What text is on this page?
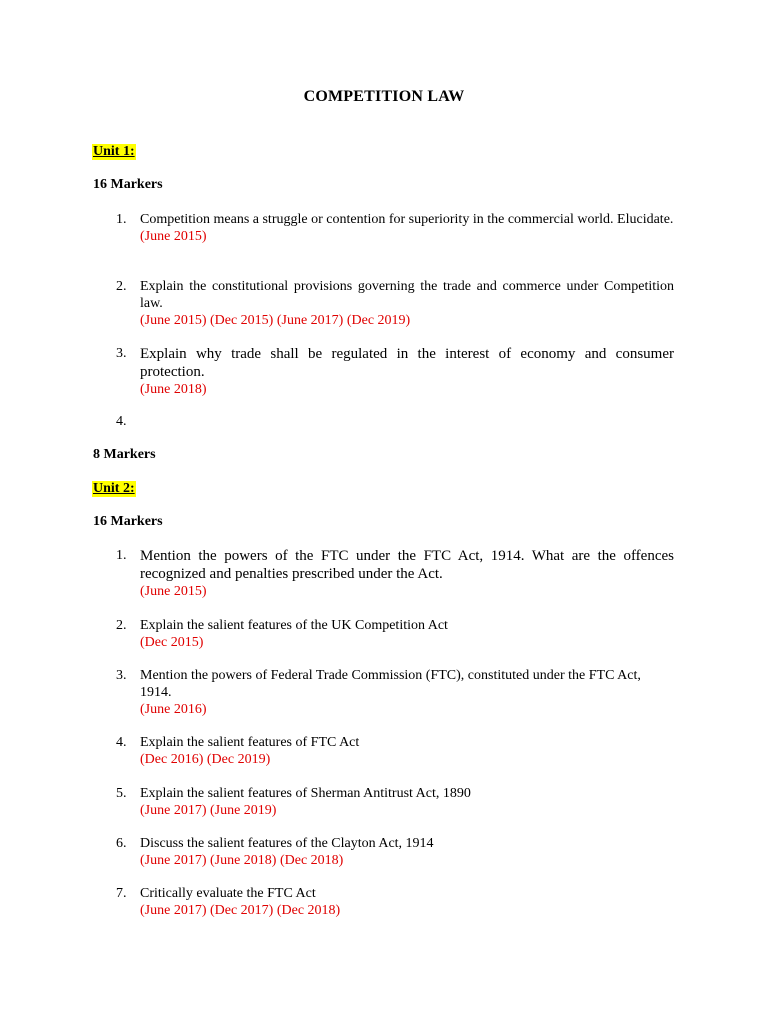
COMPETITION LAW
Unit 1:
16 Markers
1. Competition means a struggle or contention for superiority in the commercial world. Elucidate.
(June 2015)
2. Explain the constitutional provisions governing the trade and commerce under Competition law.
(June 2015) (Dec 2015) (June 2017) (Dec 2019)
3. Explain why trade shall be regulated in the interest of economy and consumer protection.
(June 2018)
4.
8 Markers
Unit 2:
16 Markers
1. Mention the powers of the FTC under the FTC Act, 1914. What are the offences recognized and penalties prescribed under the Act.
(June 2015)
2. Explain the salient features of the UK Competition Act
(Dec 2015)
3. Mention the powers of Federal Trade Commission (FTC), constituted under the FTC Act, 1914.
(June 2016)
4. Explain the salient features of FTC Act
(Dec 2016) (Dec 2019)
5. Explain the salient features of Sherman Antitrust Act, 1890
(June 2017) (June 2019)
6. Discuss the salient features of the Clayton Act, 1914
(June 2017) (June 2018) (Dec 2018)
7. Critically evaluate the FTC Act
(June 2017) (Dec 2017) (Dec 2018)
